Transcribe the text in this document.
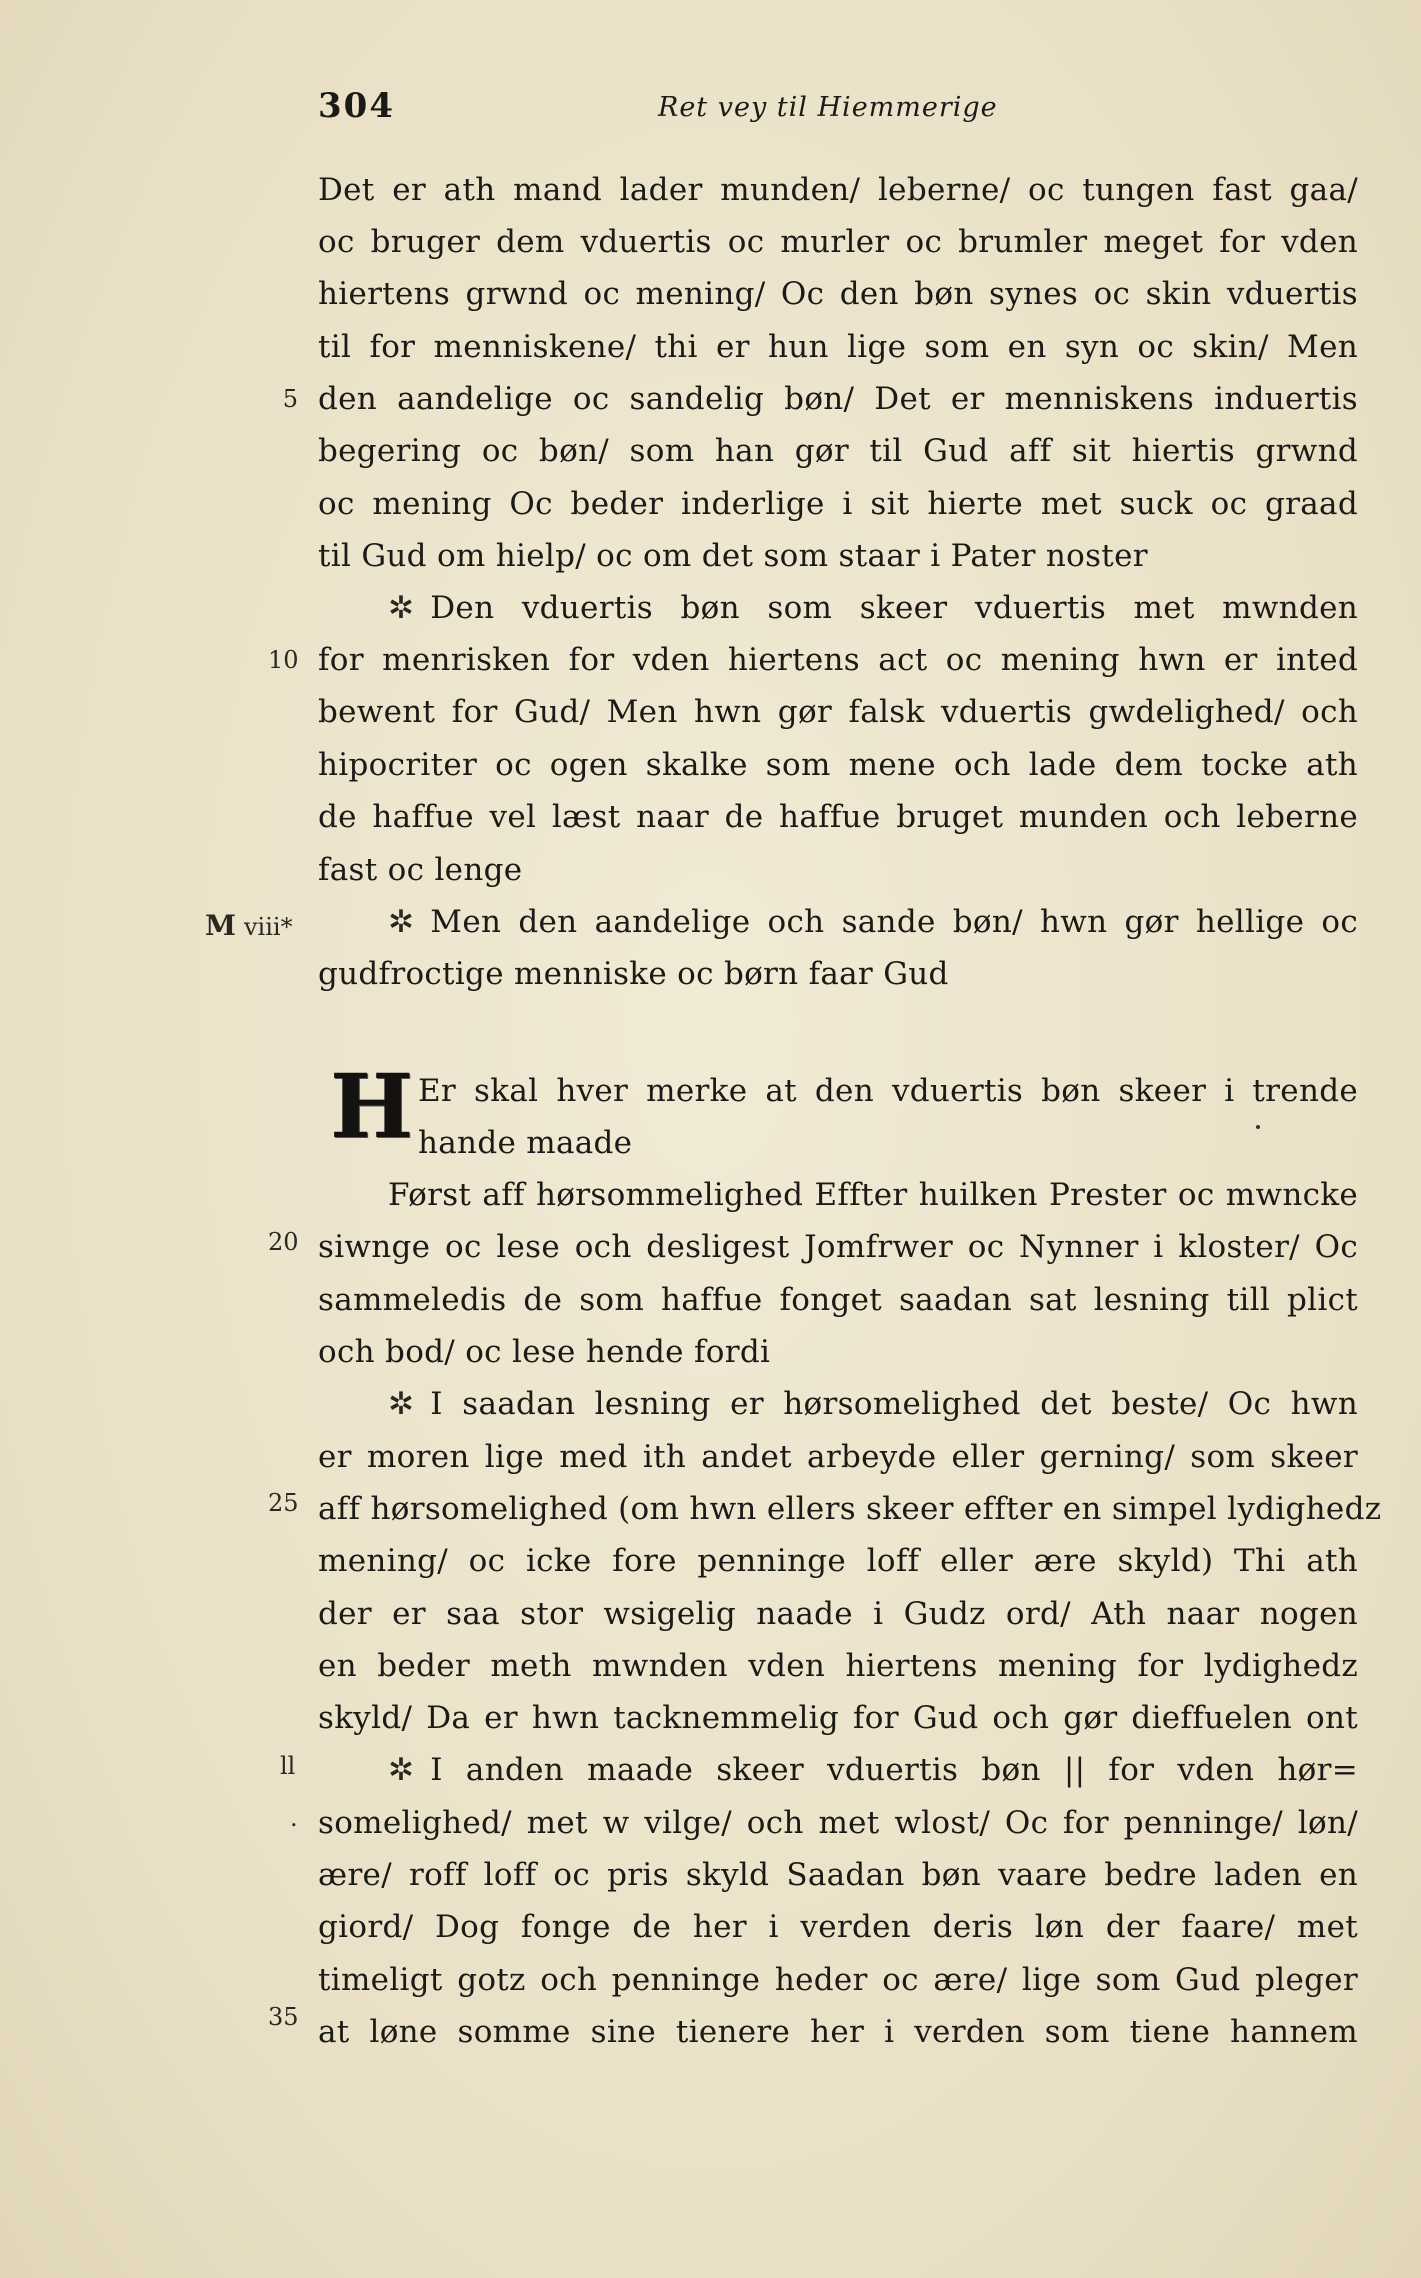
304	Ret vey til Hiemmerige
5
10
20
25
35
M viii*
ll
.
H
Det er ath mand lader munden/ leberne/ oc tungen fast gaa/
oc bruger dem vduertis oc murler oc brumler meget for vden
hiertens grwnd oc mening/ Oc den bøn synes oc skin vduertis
til for menniskene/ thi er hun lige som en syn oc skin/ Men
den aandelige oc sandelig bøn/ Det er menniskens induertis
begering oc bøn/ som han gør til Gud aff sit hiertis grwnd
oc mening Oc beder inderlige i sit hierte met suck oc graad
til Gud om hielp/ oc om det som staar i Pater noster
✲ Den vduertis bøn som skeer vduertis met mwnden
for menrisken for vden hiertens act oc mening hwn er inted
bewent for Gud/ Men hwn gør falsk vduertis gwdelighed/ och
hipocriter oc ogen skalke som mene och lade dem tocke ath
de haffue vel læst naar de haffue bruget munden och leberne
fast oc lenge
✲ Men den aandelige och sande bøn/ hwn gør hellige oc
gudfroctige menniske oc børn faar Gud
Er skal hver merke at den vduertis bøn skeer i trende
hande maade
Først aff hørsommelighed Effter huilken Prester oc mwncke
siwnge oc lese och desligest Jomfrwer oc Nynner i kloster/ Oc
sammeledis de som haffue fonget saadan sat lesning till plict
och bod/ oc lese hende fordi
✲ I saadan lesning er hørsomelighed det beste/ Oc hwn
er moren lige med ith andet arbeyde eller gerning/ som skeer
aff hørsomelighed (om hwn ellers skeer effter en simpel lydighedz
mening/ oc icke fore penninge loff eller ære skyld) Thi ath
der er saa stor wsigelig naade i Gudz ord/ Ath naar nogen
en beder meth mwnden vden hiertens mening for lydighedz
skyld/ Da er hwn tacknemmelig for Gud och gør dieffuelen ont
✲ I anden maade skeer vduertis bøn || for vden hør=
somelighed/ met w vilge/ och met wlost/ Oc for penninge/ løn/
ære/ roff loff oc pris skyld Saadan bøn vaare bedre laden en
giord/ Dog fonge de her i verden deris løn der faare/ met
timeligt gotz och penninge heder oc ære/ lige som Gud pleger
at løne somme sine tienere her i verden som tiene hannem
